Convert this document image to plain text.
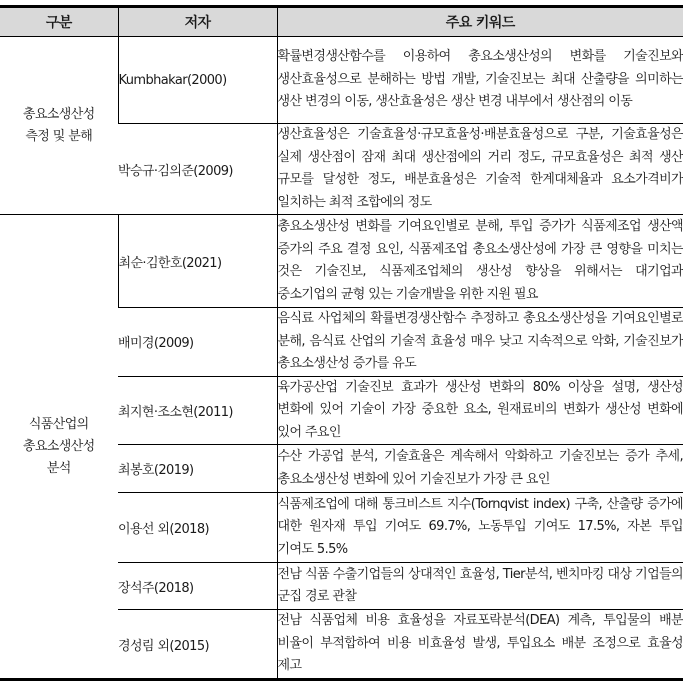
구분	저자	주요 키워드

총요소생산성
측정 및 분해	Kumbhakar(2000)	확률변경생산함수를 이용하여 총요소생산성의 변화를 기술진보와 생산효율성으로 분해하는 방법 개발, 기술진보는 최대 산출량을 의미하는 생산 변경의 이동, 생산효율성은 생산 변경 내부에서 생산점의 이동
	박승규·김의준(2009)	생산효율성은 기술효율성·규모효율성·배분효율성으로 구분, 기술효율성은 실제 생산점이 잠재 최대 생산점에의 거리 정도, 규모효율성은 최적 생산 규모를 달성한 정도, 배분효율성은 기술적 한계대체율과 요소가격비가 일치하는 최적 조합에의 정도

식품산업의
총요소생산성
분석	최순·김한호(2021)	총요소생산성 변화를 기여요인별로 분해, 투입 증가가 식품제조업 생산액 증가의 주요 결정 요인, 식품제조업 총요소생산성에 가장 큰 영향을 미치는 것은 기술진보, 식품제조업체의 생산성 향상을 위해서는 대기업과 중소기업의 균형 있는 기술개발을 위한 지원 필요
	배미경(2009)	음식료 사업체의 확률변경생산함수 추정하고 총요소생산성을 기여요인별로 분해, 음식료 산업의 기술적 효율성 매우 낮고 지속적으로 악화, 기술진보가 총요소생산성 증가를 유도
	최지현·조소현(2011)	육가공산업 기술진보 효과가 생산성 변화의 80% 이상을 설명, 생산성 변화에 있어 기술이 가장 중요한 요소, 원재료비의 변화가 생산성 변화에 있어 주요인
	최봉호(2019)	수산 가공업 분석, 기술효율은 계속해서 악화하고 기술진보는 증가 추세, 총요소생산성 변화에 있어 기술진보가 가장 큰 요인
	이용선 외(2018)	식품제조업에 대해 통크비스트 지수(Tornqvist index) 구축, 산출량 증가에 대한 원자재 투입 기여도 69.7%, 노동투입 기여도 17.5%, 자본 투입 기여도 5.5%
	장석주(2018)	전남 식품 수출기업들의 상대적인 효율성, Tier분석, 벤치마킹 대상 기업들의 군집 경로 관찰
	경성림 외(2015)	전남 식품업체 비용 효율성을 자료포락분석(DEA) 계측, 투입물의 배분 비율이 부적합하여 비용 비효율성 발생, 투입요소 배분 조정으로 효율성 제고
